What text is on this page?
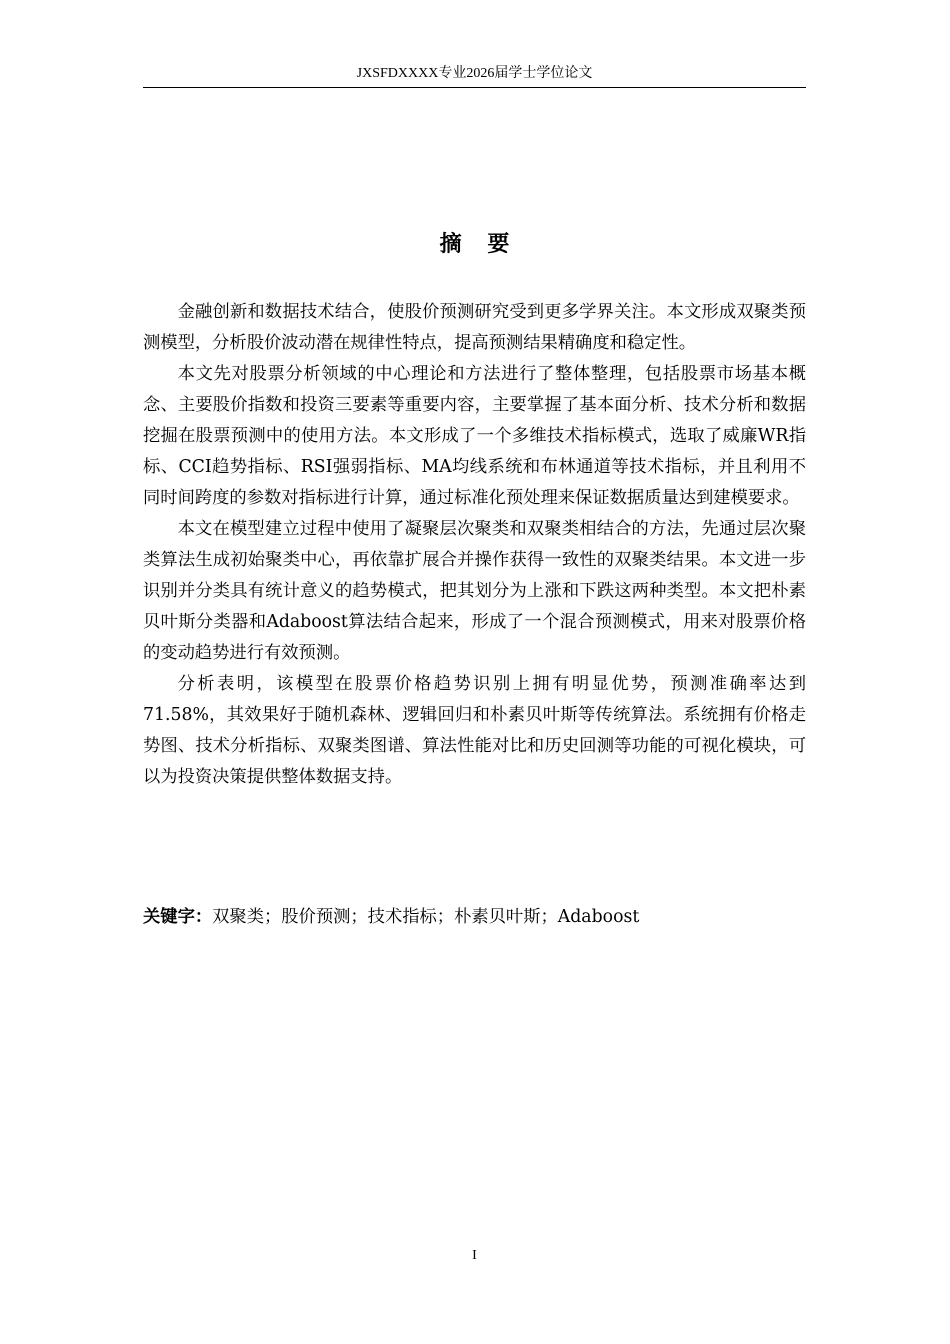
JXSFDXXXX专业2026届学士学位论文
摘 要

金融创新和数据技术结合，使股价预测研究受到更多学界关注。本文形成双聚类预测模型，分析股价波动潜在规律性特点，提高预测结果精确度和稳定性。

本文先对股票分析领域的中心理论和方法进行了整体整理，包括股票市场基本概念、主要股价指数和投资三要素等重要内容，主要掌握了基本面分析、技术分析和数据挖掘在股票预测中的使用方法。本文形成了一个多维技术指标模式，选取了威廉WR指标、CCI趋势指标、RSI强弱指标、MA均线系统和布林通道等技术指标，并且利用不同时间跨度的参数对指标进行计算，通过标准化预处理来保证数据质量达到建模要求。

本文在模型建立过程中使用了凝聚层次聚类和双聚类相结合的方法，先通过层次聚类算法生成初始聚类中心，再依靠扩展合并操作获得一致性的双聚类结果。本文进一步识别并分类具有统计意义的趋势模式，把其划分为上涨和下跌这两种类型。本文把朴素贝叶斯分类器和Adaboost算法结合起来，形成了一个混合预测模式，用来对股票价格的变动趋势进行有效预测。

分析表明，该模型在股票价格趋势识别上拥有明显优势，预测准确率达到71.58%，其效果好于随机森林、逻辑回归和朴素贝叶斯等传统算法。系统拥有价格走势图、技术分析指标、双聚类图谱、算法性能对比和历史回测等功能的可视化模块，可以为投资决策提供整体数据支持。

关键字：双聚类；股价预测；技术指标；朴素贝叶斯；Adaboost
I
